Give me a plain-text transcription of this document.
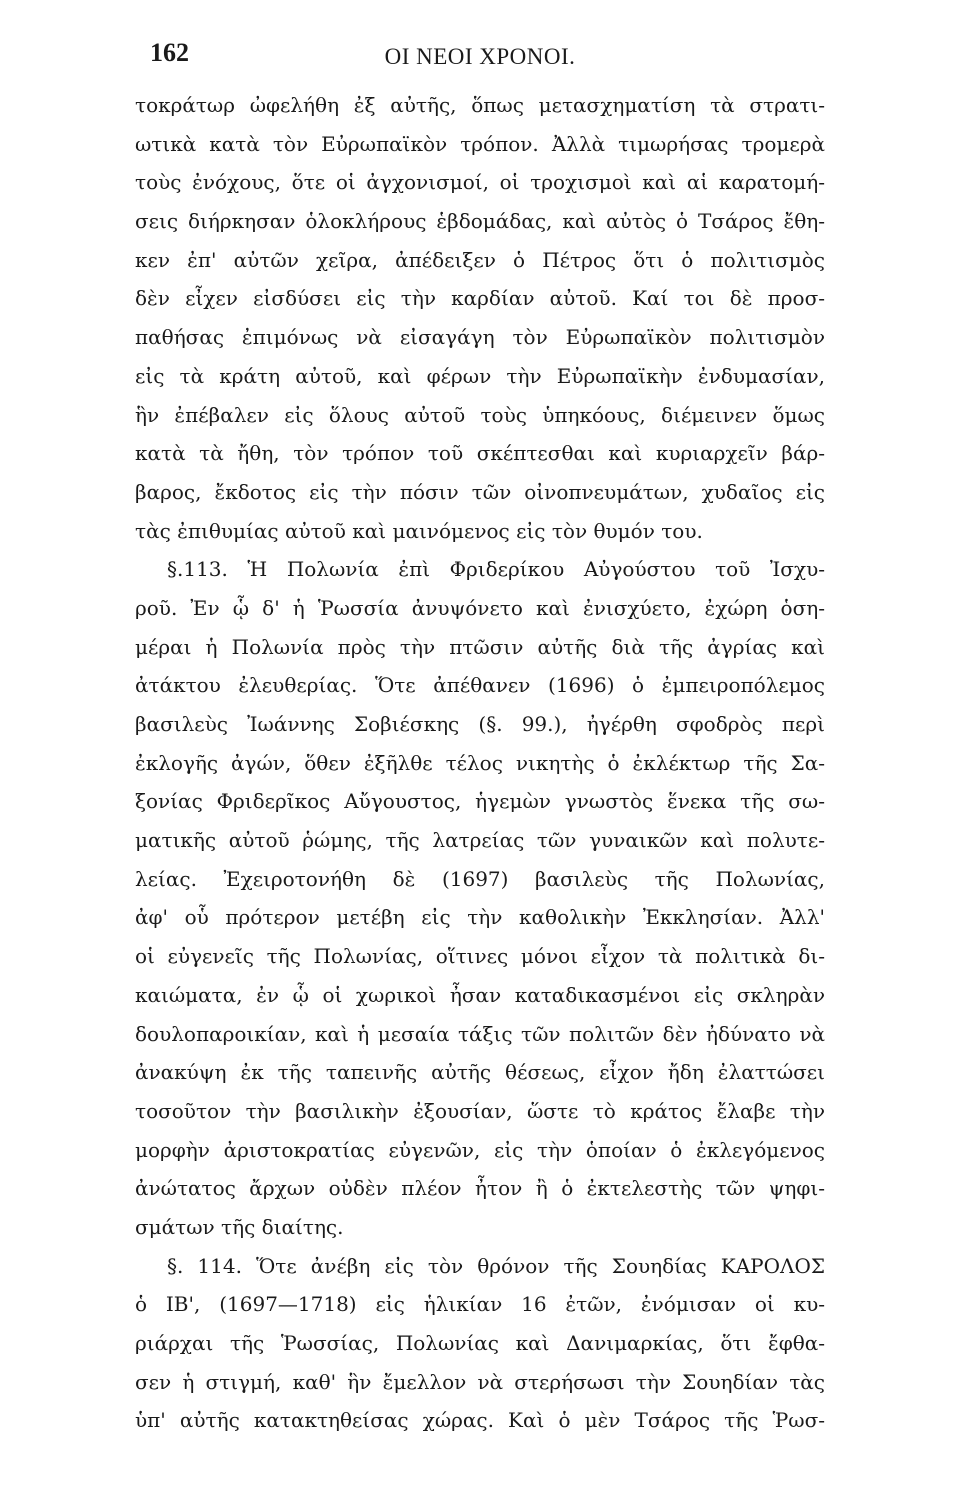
162	ΟΙ ΝΕΟΙ ΧΡΟΝΟΙ.
τοκράτωρ ὠφελήθη ἐξ αὐτῆς, ὅπως μετασχηματίση τὰ στρατι-
ωτικὰ κατὰ τὸν Εὐρωπαϊκὸν τρόπον. Ἀλλὰ τιμωρήσας τρομερὰ
τοὺς ἐνόχους, ὅτε οἱ ἀγχονισμοί, οἱ τροχισμοὶ καὶ αἱ καρατομή-
σεις διήρκησαν ὁλοκλήρους ἑβδομάδας, καὶ αὐτὸς ὁ Τσάρος ἔθη-
κεν ἐπ' αὐτῶν χεῖρα, ἀπέδειξεν ὁ Πέτρος ὅτι ὁ πολιτισμὸς
δὲν εἶχεν εἰσδύσει εἰς τὴν καρδίαν αὐτοῦ. Καί τοι δὲ προσ-
παθήσας ἐπιμόνως νὰ εἰσαγάγη τὸν Εὐρωπαϊκὸν πολιτισμὸν
εἰς τὰ κράτη αὐτοῦ, καὶ φέρων τὴν Εὐρωπαϊκὴν ἐνδυμασίαν,
ἣν ἐπέβαλεν εἰς ὅλους αὐτοῦ τοὺς ὑπηκόους, διέμεινεν ὅμως
κατὰ τὰ ἤθη, τὸν τρόπον τοῦ σκέπτεσθαι καὶ κυριαρχεῖν βάρ-
βαρος, ἔκδοτος εἰς τὴν πόσιν τῶν οἰνοπνευμάτων, χυδαῖος εἰς
τὰς ἐπιθυμίας αὐτοῦ καὶ μαινόμενος εἰς τὸν θυμόν του.
§.113. Ἡ Πολωνία ἐπὶ Φριδερίκου Αὐγούστου τοῦ Ἰσχυ-
ροῦ. Ἐν ᾧ δ' ἡ Ῥωσσία ἀνυψόνετο καὶ ἐνισχύετο, ἐχώρη ὁση-
μέραι ἡ Πολωνία πρὸς τὴν πτῶσιν αὐτῆς διὰ τῆς ἀγρίας καὶ
ἀτάκτου ἐλευθερίας. Ὅτε ἀπέθανεν (1696) ὁ ἐμπειροπόλεμος
βασιλεὺς Ἰωάννης Σοβιέσκης (§. 99.), ἠγέρθη σφοδρὸς περὶ
ἐκλογῆς ἀγών, ὅθεν ἐξῆλθε τέλος νικητὴς ὁ ἐκλέκτωρ τῆς Σα-
ξονίας Φριδερῖκος Αὔγουστος, ἡγεμὼν γνωστὸς ἕνεκα τῆς σω-
ματικῆς αὐτοῦ ῥώμης, τῆς λατρείας τῶν γυναικῶν καὶ πολυτε-
λείας. Ἐχειροτονήθη δὲ (1697) βασιλεὺς τῆς Πολωνίας,
ἀφ' οὗ πρότερον μετέβη εἰς τὴν καθολικὴν Ἐκκλησίαν. Ἀλλ'
οἱ εὐγενεῖς τῆς Πολωνίας, οἵτινες μόνοι εἶχον τὰ πολιτικὰ δι-
καιώματα, ἐν ᾧ οἱ χωρικοὶ ἦσαν καταδικασμένοι εἰς σκληρὰν
δουλοπαροικίαν, καὶ ἡ μεσαία τάξις τῶν πολιτῶν δὲν ἠδύνατο νὰ
ἀνακύψη ἐκ τῆς ταπεινῆς αὐτῆς θέσεως, εἶχον ἤδη ἐλαττώσει
τοσοῦτον τὴν βασιλικὴν ἐξουσίαν, ὥστε τὸ κράτος ἔλαβε τὴν
μορφὴν ἀριστοκρατίας εὐγενῶν, εἰς τὴν ὁποίαν ὁ ἐκλεγόμενος
ἀνώτατος ἄρχων οὐδὲν πλέον ἦτον ἢ ὁ ἐκτελεστὴς τῶν ψηφι-
σμάτων τῆς διαίτης.
§. 114. Ὅτε ἀνέβη εἰς τὸν θρόνον τῆς Σουηδίας ΚΑΡΟΛΟΣ
ὁ ΙΒ', (1697—1718) εἰς ἡλικίαν 16 ἐτῶν, ἐνόμισαν οἱ κυ-
ριάρχαι τῆς Ῥωσσίας, Πολωνίας καὶ Δανιμαρκίας, ὅτι ἔφθα-
σεν ἡ στιγμή, καθ' ἣν ἔμελλον νὰ στερήσωσι τὴν Σουηδίαν τὰς
ὑπ' αὐτῆς κατακτηθείσας χώρας. Καὶ ὁ μὲν Τσάρος τῆς Ῥωσ-
